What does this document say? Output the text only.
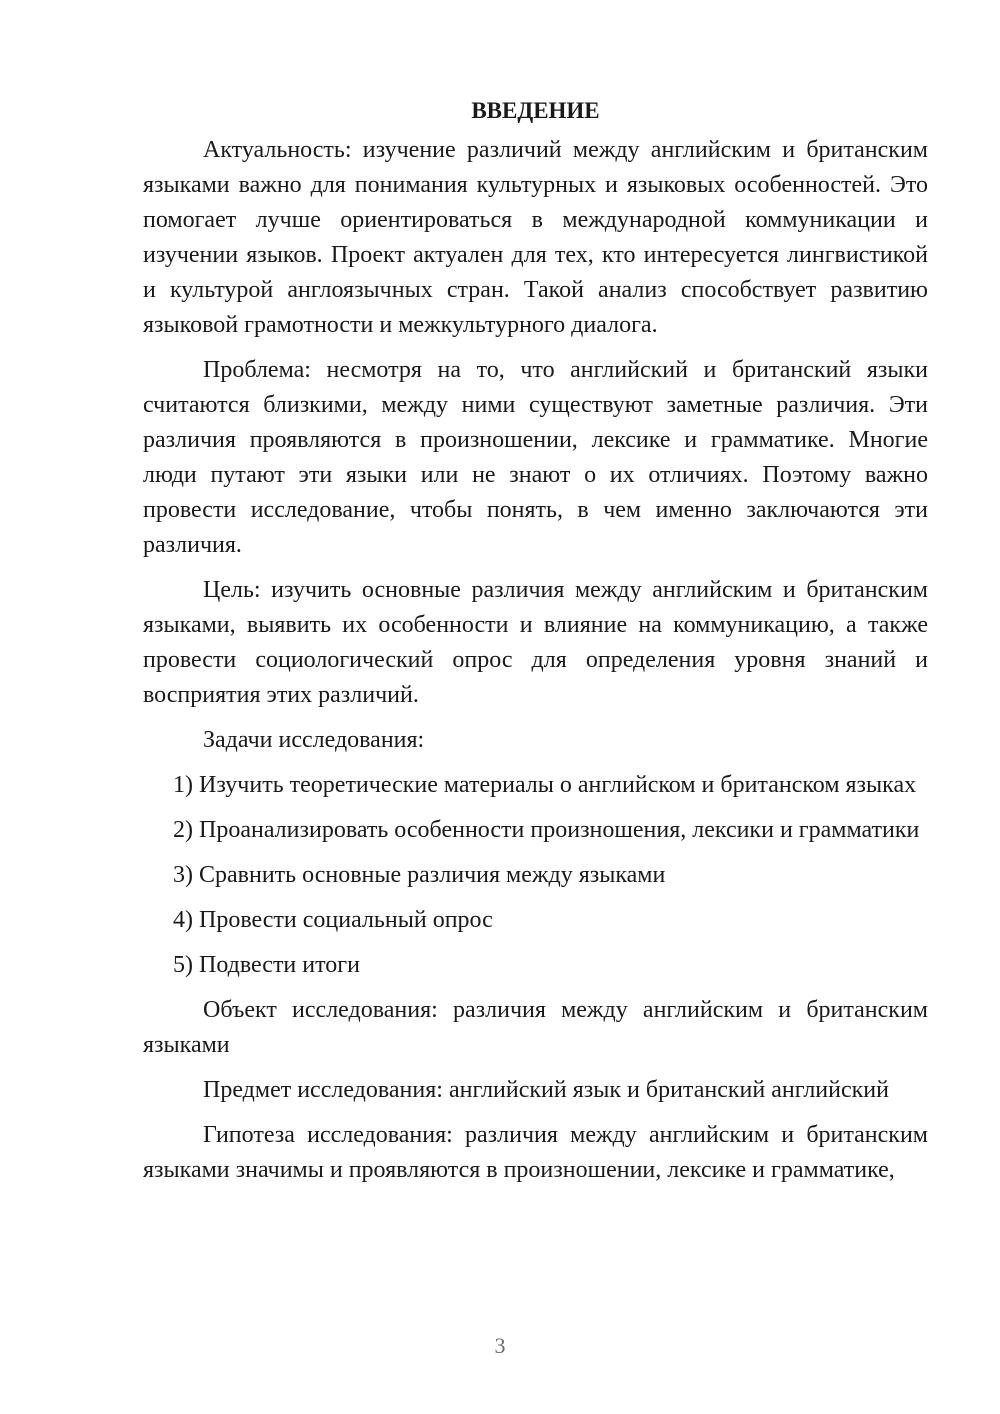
ВВЕДЕНИЕ

Актуальность: изучение различий между английским и британским языками важно для понимания культурных и языковых особенностей. Это помогает лучше ориентироваться в международной коммуникации и изучении языков. Проект актуален для тех, кто интересуется лингвистикой и культурой англоязычных стран. Такой анализ способствует развитию языковой грамотности и межкультурного диалога.

Проблема: несмотря на то, что английский и британский языки считаются близкими, между ними существуют заметные различия. Эти различия проявляются в произношении, лексике и грамматике. Многие люди путают эти языки или не знают о их отличиях. Поэтому важно провести исследование, чтобы понять, в чем именно заключаются эти различия.

Цель: изучить основные различия между английским и британским языками, выявить их особенности и влияние на коммуникацию, а также провести социологический опрос для определения уровня знаний и восприятия этих различий.

Задачи исследования:

1) Изучить теоретические материалы о английском и британском языках

2) Проанализировать особенности произношения, лексики и грамматики

3) Сравнить основные различия между языками

4) Провести социальный опрос

5) Подвести итоги

Объект исследования: различия между английским и британским языками

Предмет исследования: английский язык и британский английский

Гипотеза исследования: различия между английским и британским языками значимы и проявляются в произношении, лексике и грамматике,

3
